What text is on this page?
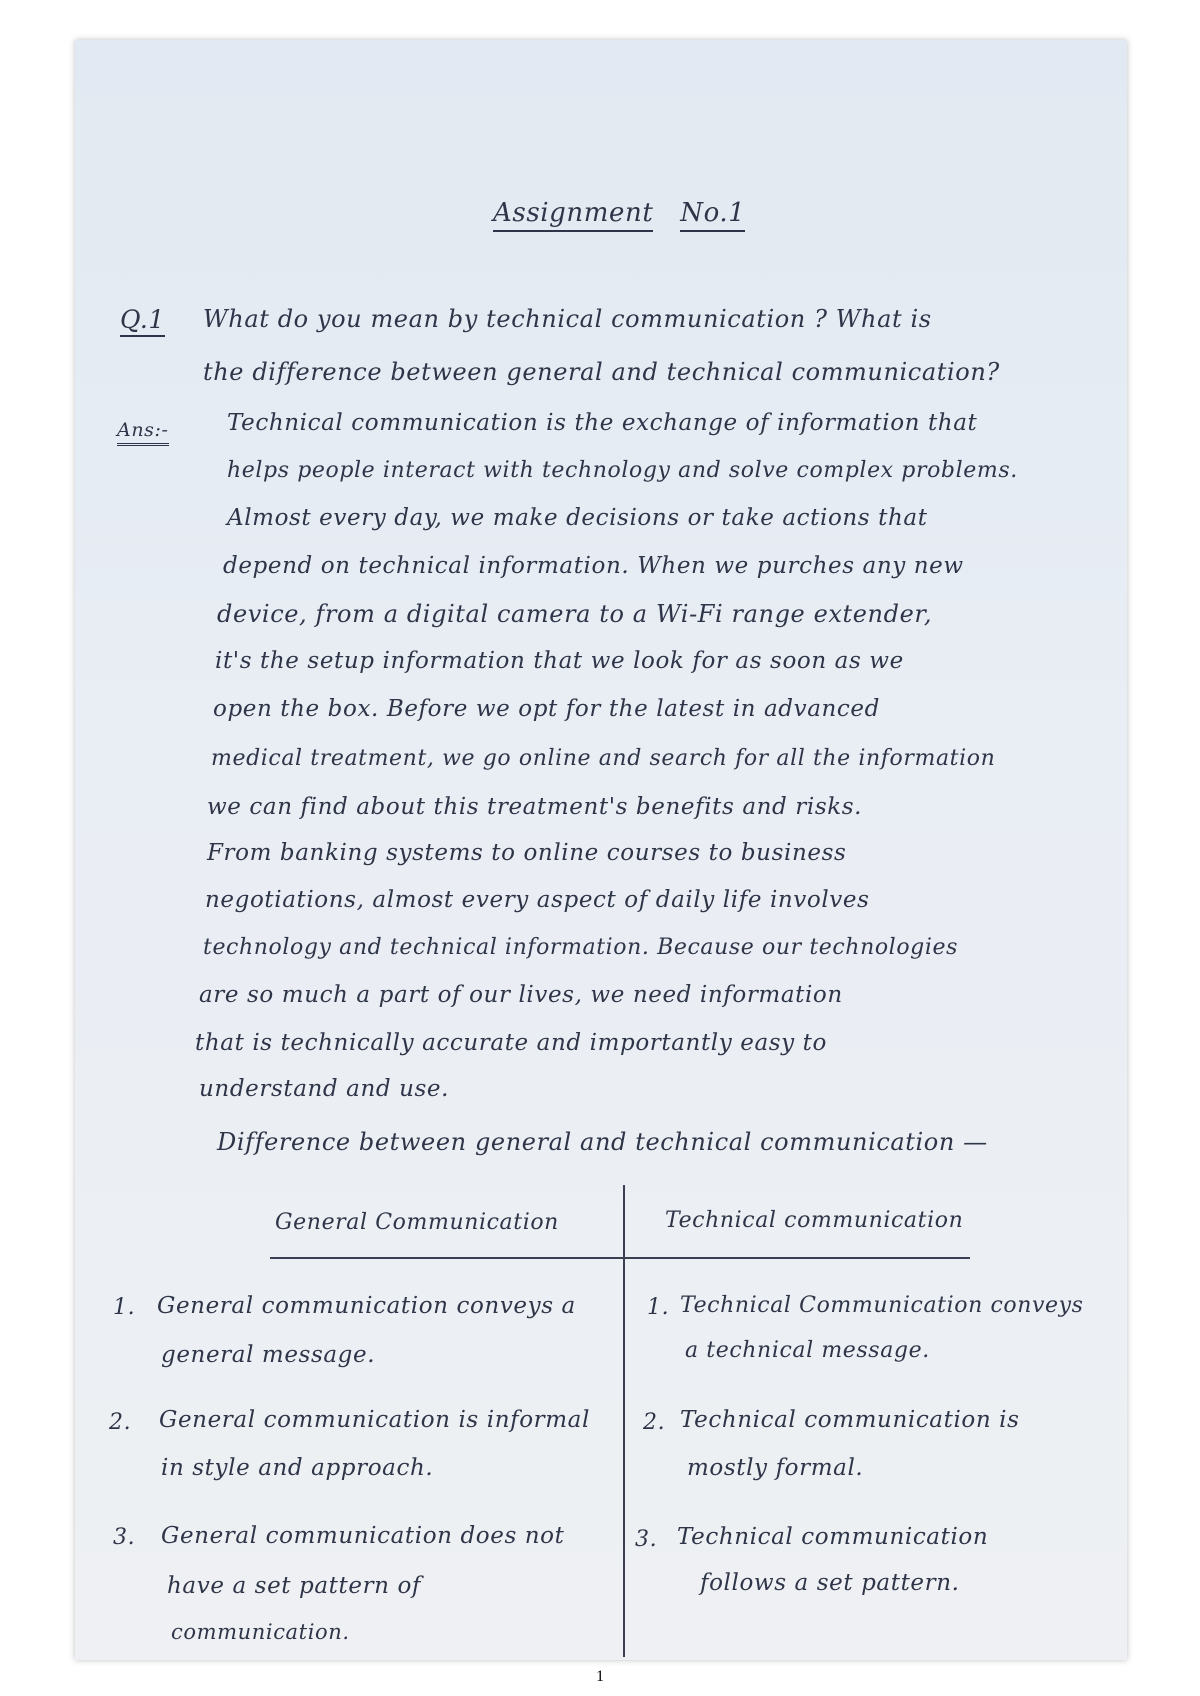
Assignment No.1
Q.1 What do you mean by technical communication ? What is
the difference between general and technical communication?
Ans:-	Technical communication is the exchange of information that
helps people interact with technology and solve complex problems.
Almost every day, we make decisions or take actions that
depend on technical information. When we purches any new
device, from a digital camera to a Wi-Fi range extender,
it's the setup information that we look for as soon as we
open the box. Before we opt for the latest in advanced
medical treatment, we go online and search for all the information
we can find about this treatment's benefits and risks.
From banking systems to online courses to business
negotiations, almost every aspect of daily life involves
technology and technical information. Because our technologies
are so much a part of our lives, we need information
that is technically accurate and importantly easy to
understand and use.
Difference between general and technical communication —
General Communication	Technical communication
1. General communication conveys a
general message.
1. Technical Communication conveys
a technical message.
2. General communication is informal
in style and approach.
2. Technical communication is
mostly formal.
3. General communication does not
have a set pattern of
communication.
3. Technical communication
follows a set pattern.
1
